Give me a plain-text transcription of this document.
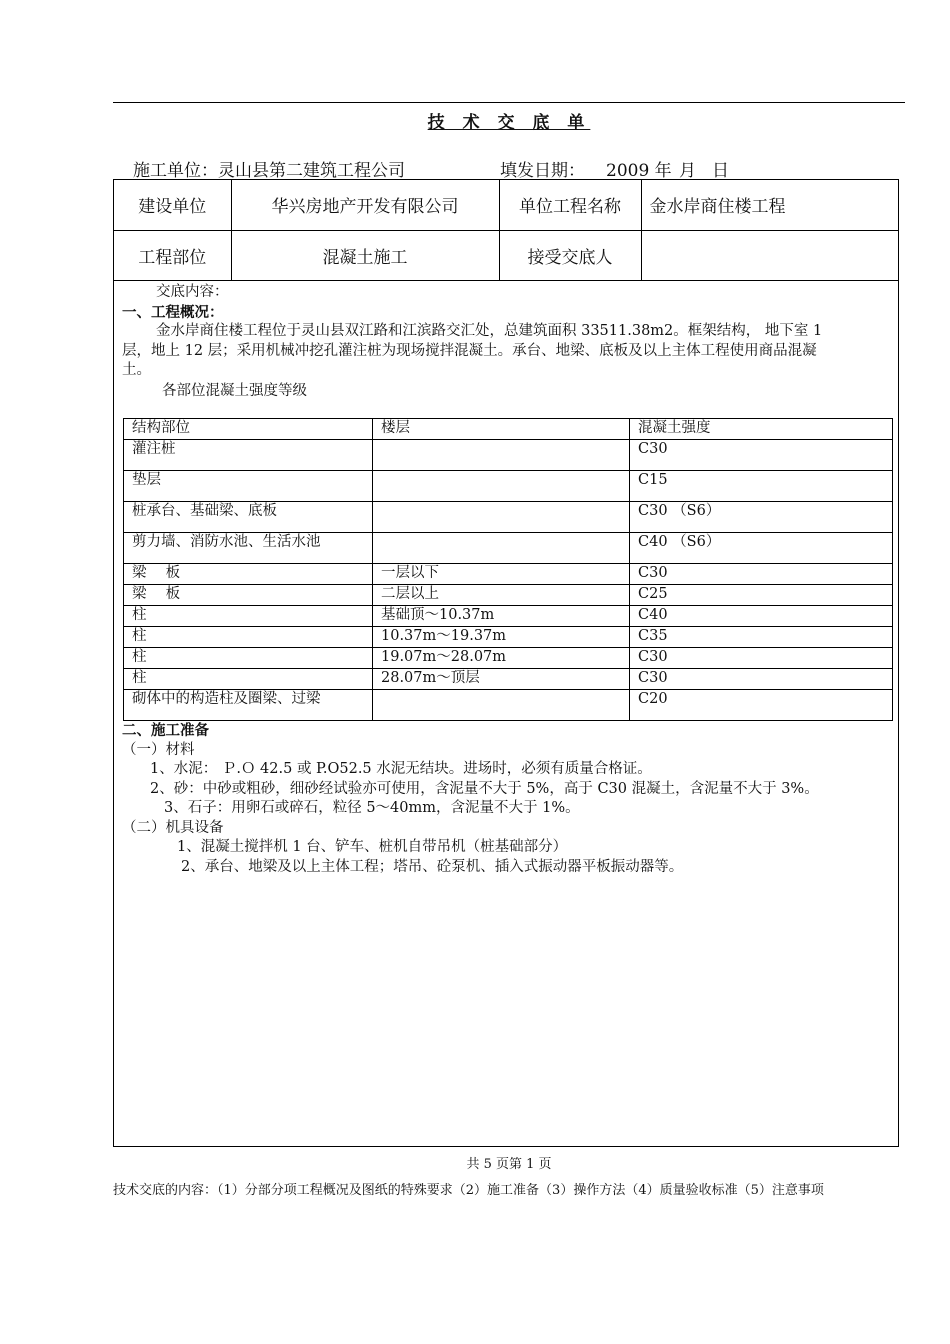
技 术 交 底 单
施工单位：灵山县第二建筑工程公司	填发日期： 2009 年 月 日
建设单位	华兴房地产开发有限公司	单位工程名称	金水岸商住楼工程
工程部位	混凝土施工	接受交底人	
交底内容：
一、工程概况：
金水岸商住楼工程位于灵山县双江路和江滨路交汇处，总建筑面积 33511.38m2。框架结构， 地下室 1
层，地上 12 层；采用机械冲挖孔灌注桩为现场搅拌混凝土。承台、地梁、底板及以上主体工程使用商品混凝
土。
各部位混凝土强度等级
结构部位	楼层	混凝土强度
灌注桩		C30
垫层		C15
桩承台、基础梁、底板		C30 （S6）
剪力墙、消防水池、生活水池		C40 （S6）
梁　 板	一层以下	C30
梁　 板	二层以上	C25
柱	基础顶～10.37m	C40
柱	10.37m～19.37m	C35
柱	19.07m～28.07m	C30
柱	28.07m～顶层	C30
砌体中的构造柱及圈梁、过梁		C20
二、施工准备
（一）材料
1、水泥： Ｐ.Ｏ 42.5 或 P.O52.5 水泥无结块。进场时，必须有质量合格证。
2、砂：中砂或粗砂，细砂经试验亦可使用，含泥量不大于 5%，高于 C30 混凝土，含泥量不大于 3%。
3、石子：用卵石或碎石，粒径 5～40mm，含泥量不大于 1%。
（二）机具设备
1、混凝土搅拌机 1 台、铲车、桩机自带吊机（桩基础部分）
2、承台、地梁及以上主体工程；塔吊、砼泵机、插入式振动器平板振动器等。
共 5 页第 1 页
技术交底的内容：（1）分部分项工程概况及图纸的特殊要求（2）施工准备（3）操作方法（4）质量验收标准（5）注意事项
